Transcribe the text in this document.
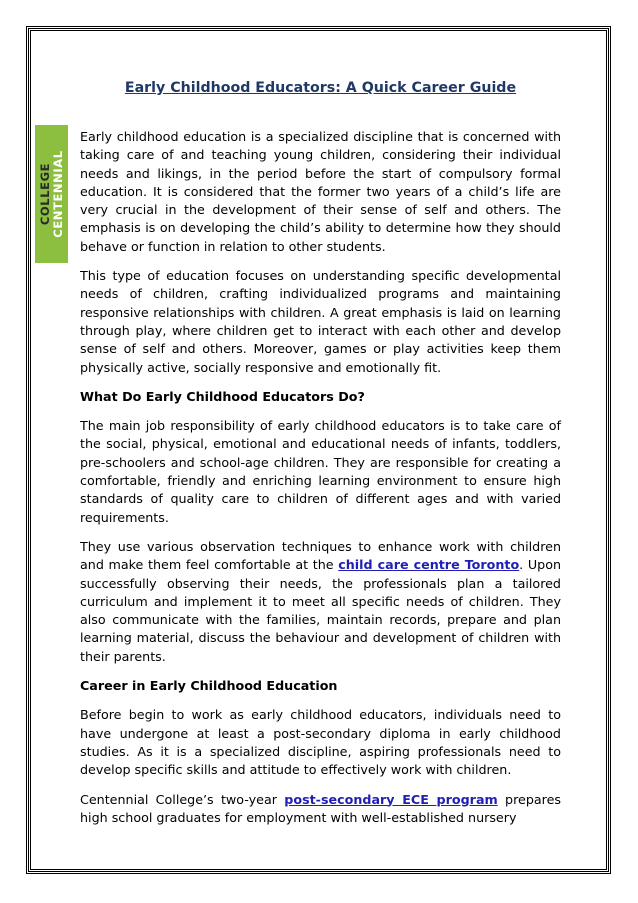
COLLEGE CENTENNIAL
Early Childhood Educators: A Quick Career Guide

Early childhood education is a specialized discipline that is concerned with taking care of and teaching young children, considering their individual needs and likings, in the period before the start of compulsory formal education. It is considered that the former two years of a child’s life are very crucial in the development of their sense of self and others. The emphasis is on developing the child’s ability to determine how they should behave or function in relation to other students.

This type of education focuses on understanding specific developmental needs of children, crafting individualized programs and maintaining responsive relationships with children. A great emphasis is laid on learning through play, where children get to interact with each other and develop sense of self and others. Moreover, games or play activities keep them physically active, socially responsive and emotionally fit.

What Do Early Childhood Educators Do?

The main job responsibility of early childhood educators is to take care of the social, physical, emotional and educational needs of infants, toddlers, pre-schoolers and school-age children. They are responsible for creating a comfortable, friendly and enriching learning environment to ensure high standards of quality care to children of different ages and with varied requirements.

They use various observation techniques to enhance work with children and make them feel comfortable at the child care centre Toronto. Upon successfully observing their needs, the professionals plan a tailored curriculum and implement it to meet all specific needs of children. They also communicate with the families, maintain records, prepare and plan learning material, discuss the behaviour and development of children with their parents.

Career in Early Childhood Education

Before begin to work as early childhood educators, individuals need to have undergone at least a post-secondary diploma in early childhood studies. As it is a specialized discipline, aspiring professionals need to develop specific skills and attitude to effectively work with children.

Centennial College’s two-year post-secondary ECE program prepares high school graduates for employment with well-established nursery
